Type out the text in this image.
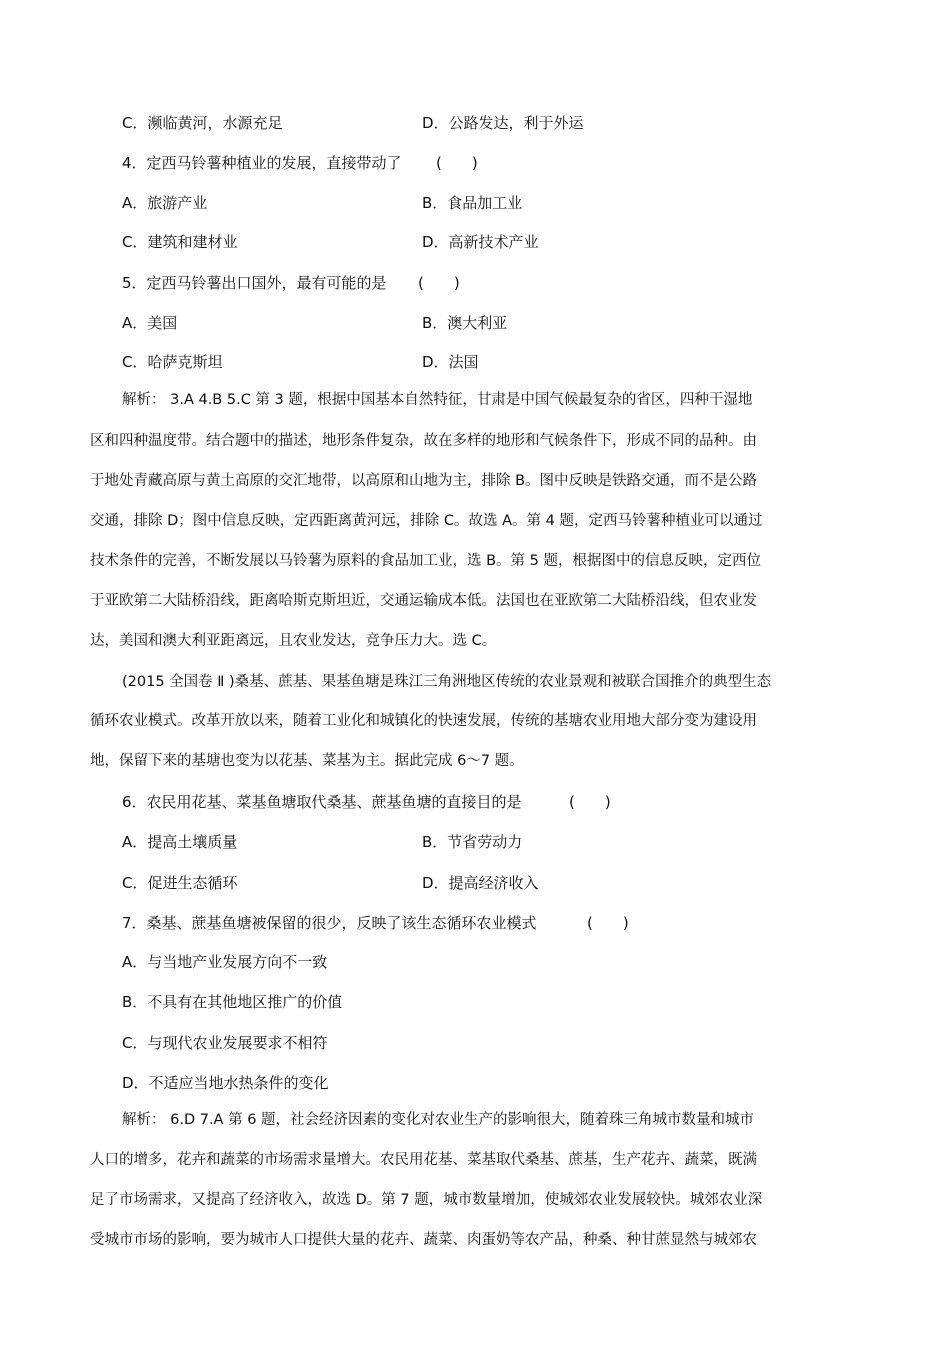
C．濒临黄河，水源充足	D．公路发达，利于外运
4．定西马铃薯种植业的发展，直接带动了 (　　)
A．旅游产业	B．食品加工业
C．建筑和建材业	D．高新技术产业
5．定西马铃薯出口国外，最有可能的是 (　　)
A．美国	B．澳大利亚
C．哈萨克斯坦	D．法国
解析： 3.A 4.B 5.C 第 3 题，根据中国基本自然特征，甘肃是中国气候最复杂的省区，四种干湿地
区和四种温度带。结合题中的描述，地形条件复杂，故在多样的地形和气候条件下，形成不同的品种。由
于地处青藏高原与黄土高原的交汇地带，以高原和山地为主，排除 B。图中反映是铁路交通，而不是公路
交通，排除 D；图中信息反映，定西距离黄河远，排除 C。故选 A。第 4 题，定西马铃薯种植业可以通过
技术条件的完善，不断发展以马铃薯为原料的食品加工业，选 B。第 5 题，根据图中的信息反映，定西位
于亚欧第二大陆桥沿线，距离哈斯克斯坦近，交通运输成本低。法国也在亚欧第二大陆桥沿线，但农业发
达，美国和澳大利亚距离远，且农业发达，竞争压力大。选 C。
(2015 全国卷 Ⅱ )桑基、蔗基、果基鱼塘是珠江三角洲地区传统的农业景观和被联合国推介的典型生态
循环农业模式。改革开放以来，随着工业化和城镇化的快速发展，传统的基塘农业用地大部分变为建设用
地，保留下来的基塘也变为以花基、菜基为主。据此完成 6～7 题。
6．农民用花基、菜基鱼塘取代桑基、蔗基鱼塘的直接目的是	(　　)
A．提高土壤质量	B．节省劳动力
C．促进生态循环	D．提高经济收入
7．桑基、蔗基鱼塘被保留的很少，反映了该生态循环农业模式	(　　)
A．与当地产业发展方向不一致
B．不具有在其他地区推广的价值
C．与现代农业发展要求不相符
D．不适应当地水热条件的变化
解析： 6.D 7.A 第 6 题，社会经济因素的变化对农业生产的影响很大，随着珠三角城市数量和城市
人口的增多，花卉和蔬菜的市场需求量增大。农民用花基、菜基取代桑基、蔗基，生产花卉、蔬菜，既满
足了市场需求，又提高了经济收入，故选 D。第 7 题，城市数量增加，使城郊农业发展较快。城郊农业深
受城市市场的影响，要为城市人口提供大量的花卉、蔬菜、肉蛋奶等农产品，种桑、种甘蔗显然与城郊农
